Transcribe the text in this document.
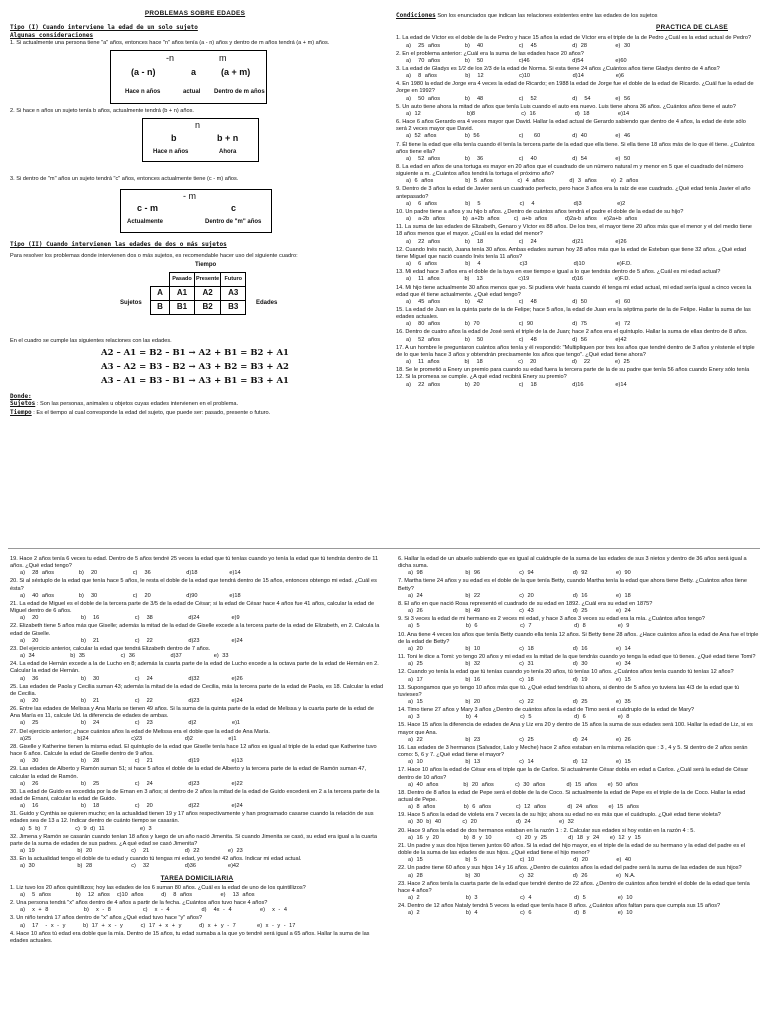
PROBLEMAS SOBRE EDADES
Tipo (I) Cuando interviene la edad de un solo sujeto
Algunas consideraciones
1. Si actualmente una persona tiene "a" años, entonces hace "n" años tenía (a - n) años y dentro de m años tendrá (a + m) años.
-n	m
(a - n)	a	(a + m)
Hace n años	actual Dentro de m años
2. Si hace n años un sujeto tenía b años, actualmente tendrá (b + n) años.
n
b	b + n
Hace n años	Ahora
3. Si dentro de "m" años un sujeto tendrá "c" años, entonces actualmente tiene (c - m) años.
- m
c - m	c
Actualmente	Dentro de "m" años
Tipo (II) Cuando intervienen las edades de dos o más sujetos
Para resolver los problemas donde intervienen dos o más sujetos, es recomendable hacer uso del siguiente cuadro:
Tiempo
Sujetos	Edades
	Pasado	Presente	Futuro
A	A1	A2	A3
B	B1	B2	B3
En el cuadro se cumple las siguientes relaciones con las edades.
A2 – A1 = B2 – B1 → A2 + B1 = B2 + A1
A3 – A2 = B3 – B2 → A3 + B2 = B3 + A2
A3 – A1 = B3 – B1 → A3 + B1 = B3 + A1
Donde:
Sujetos : Son las personas, animales u objetos cuyas edades intervienen en el problema.
Tiempo : Es el tiempo al cual corresponde la edad del sujeto, que puede ser: pasado, presente o futuro.
Condiciones Son los enunciados que indican las relaciones existentes entre las edades de los sujetos
PRACTICA DE CLASE
1. La edad de Víctor es el doble de la de Pedro y hace 15 años la edad de Víctor era el triple de la de Pedro ¿Cuál es la edad actual de Pedro?
a)  25 años       b)  40          c)  45          d) 28        e) 30
2. En el problema anterior: ¿Cuál era la suma de las edades hace 20 años?
a)  70 años       b)  50          c)46            d)54         e)60
3. La edad de Gladys es 1/2 de los 2/3 de la edad de Norma. Si esta tiene 24 años ¿Cuántos años tiene Gladys dentro de 4 años?
a)  8 años        b)  12          c)10            d)14         e)6
4. En 1980 la edad de Jorge era 4 veces la edad de Ricardo; en 1988 la edad de Jorge fue el doble de la edad de Ricardo. ¿Cuál fue la edad de Jorge en 1992?
a)  50 años       b)  48          c)  52          d)  54       e) 56
5. Un auto tiene ahora la mitad de años que tenía Luis cuando el auto era nuevo. Luis tiene ahora 36 años. ¿Cuántos años tiene el auto?
a) 12             b)8             c) 16           d) 18        e)14
6. Hace 6 años Gerardo era 4 veces mayor que David. Hallar la edad actual de Gerardo sabiendo que dentro de 4 años, la edad de éste sólo será 2 veces mayor que David.
a) 52 años        b) 56           c)   60         d) 40        e) 46
7. Él tiene la edad que ella tenía cuando él tenía la tercera parte de la edad que ella tiene. Si ella tiene 18 años más de lo que él tiene. ¿Cuántos años tiene ella?
a)  52 años       b)  36          c)  40          d) 54        e) 50
8. La edad en años de una tortuga es mayor en 20 años que el cuadrado de un número natural m y menor en 5 que el cuadrado del número siguiente a m. ¿Cuántos años tendrá la tortuga el próximo año?
a) 6 años         b) 5 años       c) 4 años       d) 3 años    e) 2 años
9. Dentro de 3 años la edad de Javier será un cuadrado perfecto, pero hace 3 años era la raíz de ese cuadrado. ¿Qué edad tenía Javier el año antepasado?
a)  6 años        b)  5           c)  4           d)3          e)2
10. Un padre tiene a años y su hijo b años. ¿Dentro de cuántos años tendrá el padre el doble de la edad de su hijo?
a)  a-2b años     b) a+2b años    c) a+b años     d)2a-b años  e)2a+b años
11. La suma de las edades de Elizabeth, Genaro y Víctor es 88 años. De los tres, el mayor tiene 20 años más que el menor y el del medio tiene 18 años menos que el mayor. ¿Cuál es la edad del menor?
a)  22 años       b)  18          c)  24          d)21         e)26
12. Cuando Inés nació, Juana tenía 30 años. Ambas edades suman hoy 28 años más que la edad de Esteban que tiene 32 años. ¿Qué edad tiene Miguel que nació cuando Inés tenía 11 años?
a)  6 años        b)  4           c)3             d)10         e)F.D.
13. Mi edad hace 3 años era el doble de la tuya en ese tiempo e igual a lo que tendrás dentro de 5 años. ¿Cuál es mi edad actual?
a)  11 años       b)  13          c)19            d)16         e)F.D.
14. Mi hijo tiene actualmente 30 años menos que yo. Si pudiera vivir hasta cuando él tenga mi edad actual, mi edad sería igual a cinco veces la edad que él tiene actualmente. ¿Qué edad tengo?
a)  45 años       b)  42          c)  48          d) 50        e) 60
15. La edad de Juan es la quinta parte de la de Felipe; hace 5 años, la edad de Juan era la séptima parte de la de Felipe. Hallar la suma de las edades actuales.
a)  80 años       b) 70           c) 90           d) 75        e) 72
16. Dentro de cuatro años la edad de José será el triple de la de Juan; hace 2 años era el quíntuplo. Hallar la suma de ellas dentro de 8 años.
a)  52 años       b)  50          c)  48          d) 56        e)42
17. A un hombre le preguntaron cuántos años tenía y él respondió: "Multipliquen por tres los años que tendré dentro de 3 años y réstenle el triple de lo que tenía hace 3 años y obtendrán precisamente los años que tengo". ¿Qué edad tiene ahora?
a)  11 años       b)  18          c)  20          d)  22       e) 25
18. Se le prometió a Enery un premio para cuando su edad fuera la tercera parte de la de su padre que tenía 56 años cuando Enery sólo tenía 12. Si la promesa se cumple. ¿A qué edad recibirá Enery su premio?
a)  22 años       b) 20           c)  18          d)16         e)14
19. Hace 2 años tenía 6 veces tu edad. Dentro de 5 años tendré 25 veces la edad que tú tenías cuando yo tenía la edad que tú tendrás dentro de 11 años. ¿Qué edad tengo?
a)  28 años       b)  20          c)  36          d)18         e)14
20. Si al séxtuplo de la edad que tenía hace 5 años, le resta el doble de la edad que tendrá dentro de 15 años, entonces obtengo mi edad. ¿Cuál es ésta?
a)  40 años       b)  30          c)  20          d)90         e)18
21. La edad de Miguel es el doble de la tercera parte de 3/5 de la edad de César; si la edad de César hace 4 años fue 41 años, calcular la edad de Miguel dentro de 6 años.
a)  20            b)  16          c)  38          d)24         e)9
22. Elizabeth tiene 5 años más que Giselle; además la mitad de la edad de Giselle excede a la tercera parte de la edad de Elizabeth, en 2. Calcula la edad de Giselle.
a)  20            b)  21          c)  22          d)23         e)24
23. Del ejercicio anterior, calcular la edad que tendrá Elizabeth dentro de 7 años.
a) 34          b) 35          c) 36          d)37         e) 33
24. La edad de Hernán excede a la de Lucho en 8; además la cuarta parte de la edad de Lucho excede a la octava parte de la edad de Hernán en 2. Calcular la edad de Hernán.
a)  36            b)  30          c)  24          d)32         e)26
25. Las edades de Paola y Cecilia suman 43; además la mitad de la edad de Cecilia, más la tercera parte de la edad de Paola, es 18. Calcular la edad de Cecilia.
a)  20            b)  21          c)  22          d)23         e)24
26. Entre las edades de Melissa y Ana María se tienen 49 años. Si la suma de la quinta parte de la edad de Melissa y la cuarta parte de la edad de Ana María es 11, calcule Ud. la diferencia de edades de ambas.
a)  25            b)  24          c)  23          d)2          e)1
27. Del ejercicio anterior; ¿hace cuántos años la edad de Melissa era el doble que la edad de Ana María.
a)25             b)24            c)23            d)2          e)1
28. Giselle y Katherine tienen la misma edad. El quíntuplo de la edad que Giselle tenía hace 12 años es igual al triple de la edad que Katherine tuvo hace 6 años. Calcule la edad de Giselle dentro de 9 años.
a)  30            b)  28          c)  21          d)19         e)13
29. Las edades de Alberto y Ramón suman 51; si hace 5 años el doble de la edad de Alberto y la tercera parte de la edad de Ramón suman 47, calcular la edad de Ramón.
a)  26            b)  25          c)  24          d)23         e)22
30. La edad de Guido es excedida por la de Ernan en 3 años; si dentro de 2 años la mitad de la edad de Guido excederá en 2 a la tercera parte de la edad de Ernani, calcular la edad de Guido.
a)  16            b)  18          c)  20          d)22         e)24
31. Guido y Cynthia se quieren mucho; en la actualidad tienen 19 y 17 años respectivamente y han programado casarse cuando la relación de sus edades sea de 13 a 12. Indicar dentro de cuánto tiempo se casarán.
a) 5 b) 7        c) 9 d) 11          e) 3
32. Jimena y Ramón se casarán cuando tenían 18 años y luego de un año nació Jimenita. Si cuando Jimenita se casó, su edad era igual a la cuarta parte de la suma de edades de sus padres. ¿A qué edad se casó Jimenita?
a) 19            b) 20           c)  21          d) 22        e) 23
33. En la actualidad tengo el doble de tu edad y cuando tú tengas mi edad, yo tendré 42 años. Indicar mi edad actual.
a) 30            b) 28           c)  32          d)36         e)42
TAREA DOMICILIARIA
1. Liz tuvo los 20 años quintillizos; hoy las edades de los 6 suman 80 años. ¿Cuál es la edad de uno de los quintillizos?
a)  5 años       b)  12 años  c)10 años     d)  8 años        e)  13 años
2. Una persona tendrá "x" años dentro de 4 años a partir de la fecha. ¿Cuántos años tuvo hace 4 años?
a)  x + 8          b)  x - 8         c)  x - 4         d)  4x - 4        e)  x - 4
3. Un niño tendrá 17 años dentro de "x" años ¿Qué edad tuvo hace "y" años?
a)  17  - x - y     b) 17 + x - y     c) 17 + x + y     d) x + y - 7      e) x - y - 17
4. Hace 10 años tú edad era doble que la mía. Dentro de 15 años, tu edad sumaba a la que yo tendré será igual a 65 años. Hallar la suma de las edades actuales.
6. Hallar la edad de un abuelo sabiendo que es igual al cuádruple de la suma de las edades de sus 3 nietos y dentro de 36 años será igual a dicha suma.
a) 98            b) 96           c) 94           d) 92        e) 90
7. Martha tiene 24 años y su edad es el doble de la que tenía Betty, cuando Martha tenía la edad que ahora tiene Betty. ¿Cuántos años tiene Betty?
a) 24            b) 22           c) 20           d) 16        e) 18
8. El año en que nació Rosa representó el cuadrado de su edad en 1892. ¿Cuál era su edad en 1875?
a) 26            b) 49           c) 43           d) 25        e) 24
9. Si 3 veces la edad de mi hermano es 2 veces mi edad, y hace 3 años 3 veces su edad era la mía. ¿Cuántos años tengo?
a) 5             b) 6            c) 7            d) 8         e) 9
10. Ana tiene 4 veces los años que tenía Betty cuando ella tenía 12 años. Si Betty tiene 28 años. ¿Hace cuántos años la edad de Ana fue el triple de la edad de Betty?
a) 20            b) 10           c) 18           d) 16        e) 14
11. Toni le dice a Tomi: yo tengo 20 años y mi edad es la mitad de la que tendrás cuando yo tenga la edad que tú tienes. ¿Qué edad tiene Tomi?
a) 25            b) 32           c) 31           d) 30        e) 34
12. Cuando yo tenía la edad que tú tenías cuando yo tenía 20 años, tú tenías 10 años. ¿Cuántos años tenía cuando tú tenías 12 años?
a) 17            b) 16           c) 18           d) 19        e) 15
13. Supongamos que yo tengo 10 años más que tú. ¿Qué edad tendrías tú ahora, si dentro de 5 años yo tuviera las 4/3 de la edad que tú tuvieses?
a) 15            b) 20           c) 22           d) 25        e) 35
14. Timo tiene 27 años y Mary 3 años ¿Dentro de cuántos años la edad de Timo será el cuádruplo de la edad de Mary?
a) 3             b) 4            c) 5            d) 6         e) 8
15. Hace 15 años la diferencia de edades de Ana y Liz era 20 y dentro de 15 años la suma de sus edades será 100. Hallar la edad de Liz, si es mayor que Ana.
a) 22            b) 23           c) 25           d) 24        e) 26
16. Las edades de 3 hermanos (Salvador, Lalo y Meche) hace 2 años estaban en la misma relación que : 3 , 4 y 5. Si dentro de 2 años serán como: 5, 6 y 7. ¿Qué edad tiene el mayor?
a) 10            b) 13           c) 14           d) 12        e) 15
17. Hace 10 años la edad de César era el triple que la de Carlos. Si actualmente César dobla en edad a Carlos. ¿Cuál será la edad de César dentro de 10 años?
a) 40 años       b) 20 años      c) 30 años      d) 15 años   e) 50 años
18. Dentro de 8 años la edad de Pepe será el doble de la de Coco. Si actualmente la edad de Pepe es el triple de la de Coco. Hallar la edad actual de Pepe.
a) 8 años        b) 6 años       c) 12 años      d) 24 años   e) 15 años
19. Hace 5 años la edad de violeta era 7 veces la de su hijo; ahora su edad no es más que el cuádruplo. ¿Qué edad tiene violeta?
a) 30 b) 40      c) 20           d) 24        e) 32
20. Hace 9 años la edad de dos hermanos estaban en la razón 1 : 2. Calcular sus edades si hoy están en la razón 4 : 5.
a) 16 y 20       b) 8 y 10       c) 20 y 25      d) 18 y 24   e) 12 y 15
21. Un padre y sus dos hijos tienen juntos 60 años. Si la edad del hijo mayor, es el triple de la edad de su hermano y la edad del padre es el doble de la suma de las edades de sus hijos. ¿Qué edad tiene el hijo menor?
a) 15            b) 5            c) 10           d) 20        e) 40
22. Un padre tiene 60 años y sus hijos 14 y 16 años. ¿Dentro de cuántos años la edad del padre será la suma de las edades de sus hijos?
a) 28            b) 30           c) 32           d) 26        e) N.A.
23. Hace 2 años tenía la cuarta parte de la edad que tendré dentro de 22 años. ¿Dentro de cuántos años tendré el doble de la edad que tenía hace 4 años?
a) 2             b) 3            c) 4            d) 5         e) 10
24. Dentro de 12 años Nataly tendrá 5 veces la edad que tenía hace 8 años. ¿Cuántos años faltan para que cumpla sus 15 años?
a) 2             b) 4            c) 6            d) 8         e) 10
